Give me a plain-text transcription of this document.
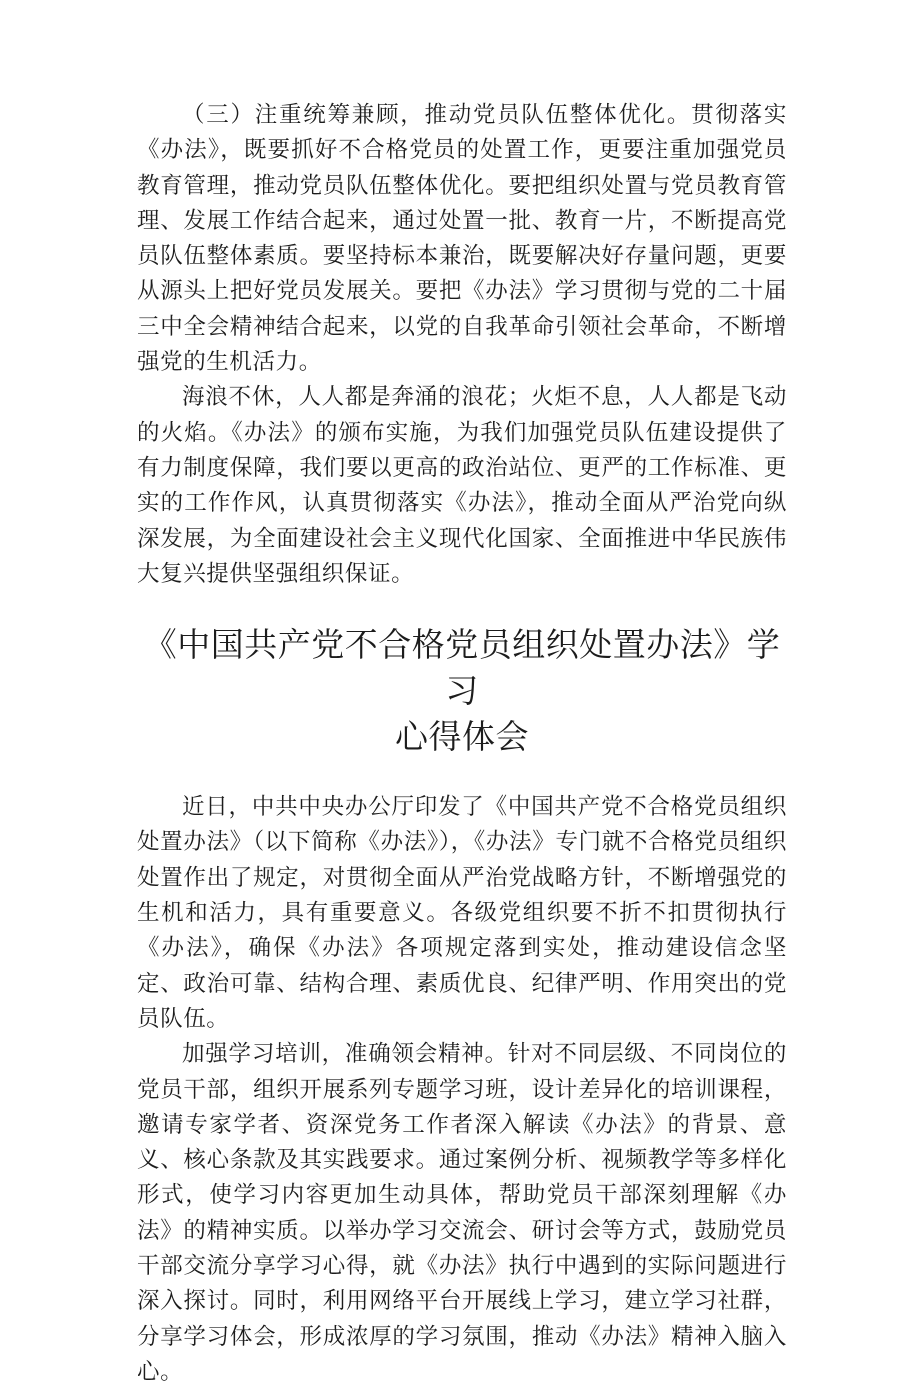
（三）注重统筹兼顾，推动党员队伍整体优化。贯彻落实《办法》，既要抓好不合格党员的处置工作，更要注重加强党员教育管理，推动党员队伍整体优化。要把组织处置与党员教育管理、发展工作结合起来，通过处置一批、教育一片，不断提高党员队伍整体素质。要坚持标本兼治，既要解决好存量问题，更要从源头上把好党员发展关。要把《办法》学习贯彻与党的二十届三中全会精神结合起来，以党的自我革命引领社会革命，不断增强党的生机活力。

海浪不休，人人都是奔涌的浪花；火炬不息，人人都是飞动的火焰。《办法》的颁布实施，为我们加强党员队伍建设提供了有力制度保障，我们要以更高的政治站位、更严的工作标准、更实的工作作风，认真贯彻落实《办法》，推动全面从严治党向纵深发展，为全面建设社会主义现代化国家、全面推进中华民族伟大复兴提供坚强组织保证。

《中国共产党不合格党员组织处置办法》学习
心得体会

近日，中共中央办公厅印发了《中国共产党不合格党员组织处置办法》（以下简称《办法》），《办法》专门就不合格党员组织处置作出了规定，对贯彻全面从严治党战略方针，不断增强党的生机和活力，具有重要意义。各级党组织要不折不扣贯彻执行《办法》，确保《办法》各项规定落到实处，推动建设信念坚定、政治可靠、结构合理、素质优良、纪律严明、作用突出的党员队伍。

加强学习培训，准确领会精神。针对不同层级、不同岗位的党员干部，组织开展系列专题学习班，设计差异化的培训课程，邀请专家学者、资深党务工作者深入解读《办法》的背景、意义、核心条款及其实践要求。通过案例分析、视频教学等多样化形式，使学习内容更加生动具体，帮助党员干部深刻理解《办法》的精神实质。以举办学习交流会、研讨会等方式，鼓励党员干部交流分享学习心得，就《办法》执行中遇到的实际问题进行深入探讨。同时，利用网络平台开展线上学习，建立学习社群，分享学习体会，形成浓厚的学习氛围，推动《办法》精神入脑入心。
